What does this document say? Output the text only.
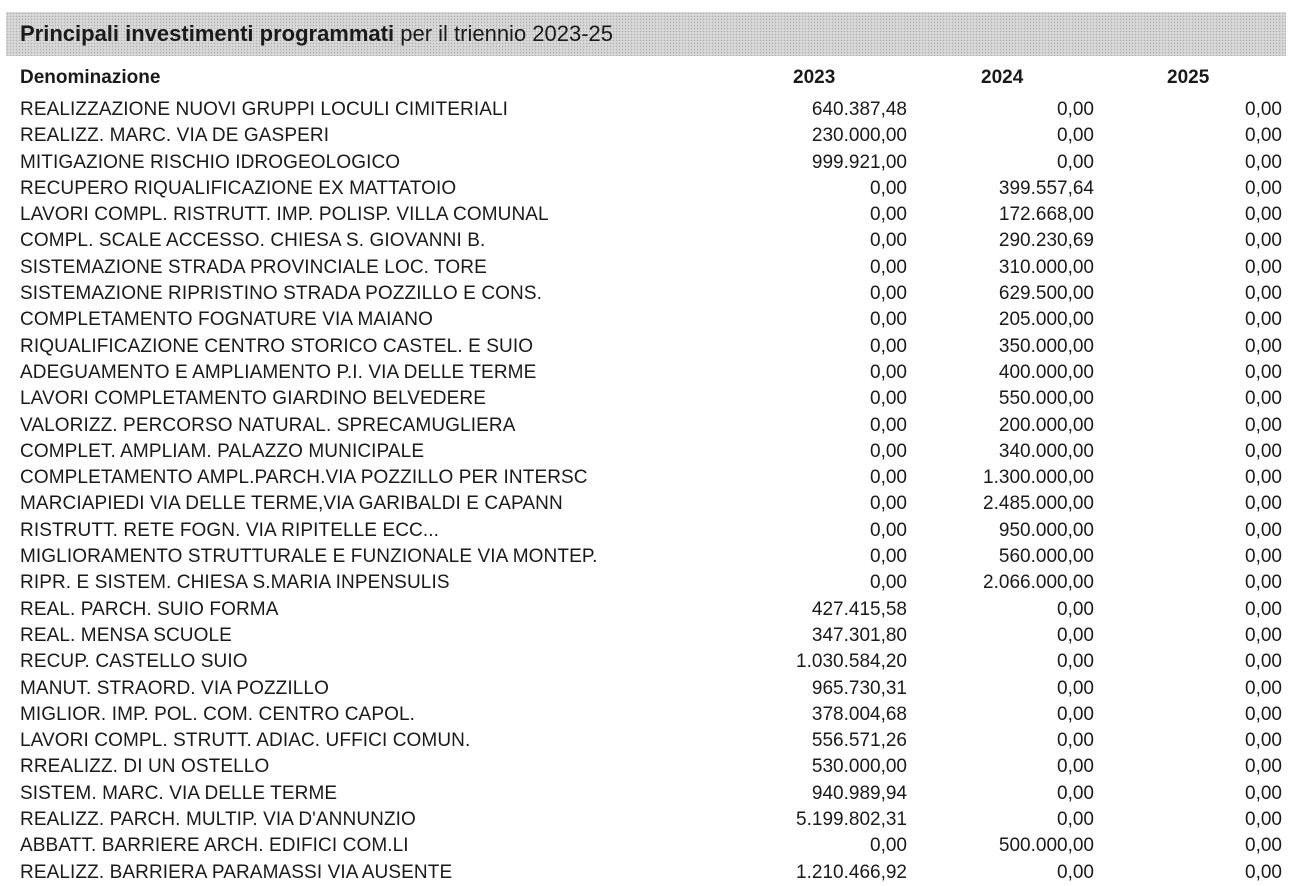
Principali investimenti programmati per il triennio 2023-25
Denominazione	2023	2024	2025
REALIZZAZIONE NUOVI GRUPPI LOCULI CIMITERIALI	640.387,48	0,00	0,00
REALIZZ. MARC. VIA DE GASPERI	230.000,00	0,00	0,00
MITIGAZIONE RISCHIO IDROGEOLOGICO	999.921,00	0,00	0,00
RECUPERO RIQUALIFICAZIONE EX MATTATOIO	0,00	399.557,64	0,00
LAVORI COMPL. RISTRUTT. IMP. POLISP. VILLA COMUNAL	0,00	172.668,00	0,00
COMPL. SCALE ACCESSO. CHIESA S. GIOVANNI B.	0,00	290.230,69	0,00
SISTEMAZIONE STRADA PROVINCIALE LOC. TORE	0,00	310.000,00	0,00
SISTEMAZIONE RIPRISTINO STRADA POZZILLO E CONS.	0,00	629.500,00	0,00
COMPLETAMENTO FOGNATURE VIA MAIANO	0,00	205.000,00	0,00
RIQUALIFICAZIONE CENTRO STORICO CASTEL. E SUIO	0,00	350.000,00	0,00
ADEGUAMENTO E AMPLIAMENTO P.I. VIA DELLE TERME	0,00	400.000,00	0,00
LAVORI COMPLETAMENTO GIARDINO BELVEDERE	0,00	550.000,00	0,00
VALORIZZ. PERCORSO NATURAL. SPRECAMUGLIERA	0,00	200.000,00	0,00
COMPLET. AMPLIAM. PALAZZO MUNICIPALE	0,00	340.000,00	0,00
COMPLETAMENTO AMPL.PARCH.VIA POZZILLO PER INTERSC	0,00	1.300.000,00	0,00
MARCIAPIEDI VIA DELLE TERME,VIA GARIBALDI E CAPANN	0,00	2.485.000,00	0,00
RISTRUTT. RETE FOGN. VIA RIPITELLE ECC...	0,00	950.000,00	0,00
MIGLIORAMENTO STRUTTURALE E FUNZIONALE VIA MONTEP.	0,00	560.000,00	0,00
RIPR. E SISTEM. CHIESA S.MARIA INPENSULIS	0,00	2.066.000,00	0,00
REAL. PARCH. SUIO FORMA	427.415,58	0,00	0,00
REAL. MENSA SCUOLE	347.301,80	0,00	0,00
RECUP. CASTELLO SUIO	1.030.584,20	0,00	0,00
MANUT. STRAORD. VIA POZZILLO	965.730,31	0,00	0,00
MIGLIOR. IMP. POL. COM. CENTRO CAPOL.	378.004,68	0,00	0,00
LAVORI COMPL. STRUTT. ADIAC. UFFICI COMUN.	556.571,26	0,00	0,00
RREALIZZ. DI UN OSTELLO	530.000,00	0,00	0,00
SISTEM. MARC. VIA DELLE TERME	940.989,94	0,00	0,00
REALIZZ. PARCH. MULTIP. VIA D'ANNUNZIO	5.199.802,31	0,00	0,00
ABBATT. BARRIERE ARCH. EDIFICI COM.LI	0,00	500.000,00	0,00
REALIZZ. BARRIERA PARAMASSI VIA AUSENTE	1.210.466,92	0,00	0,00
